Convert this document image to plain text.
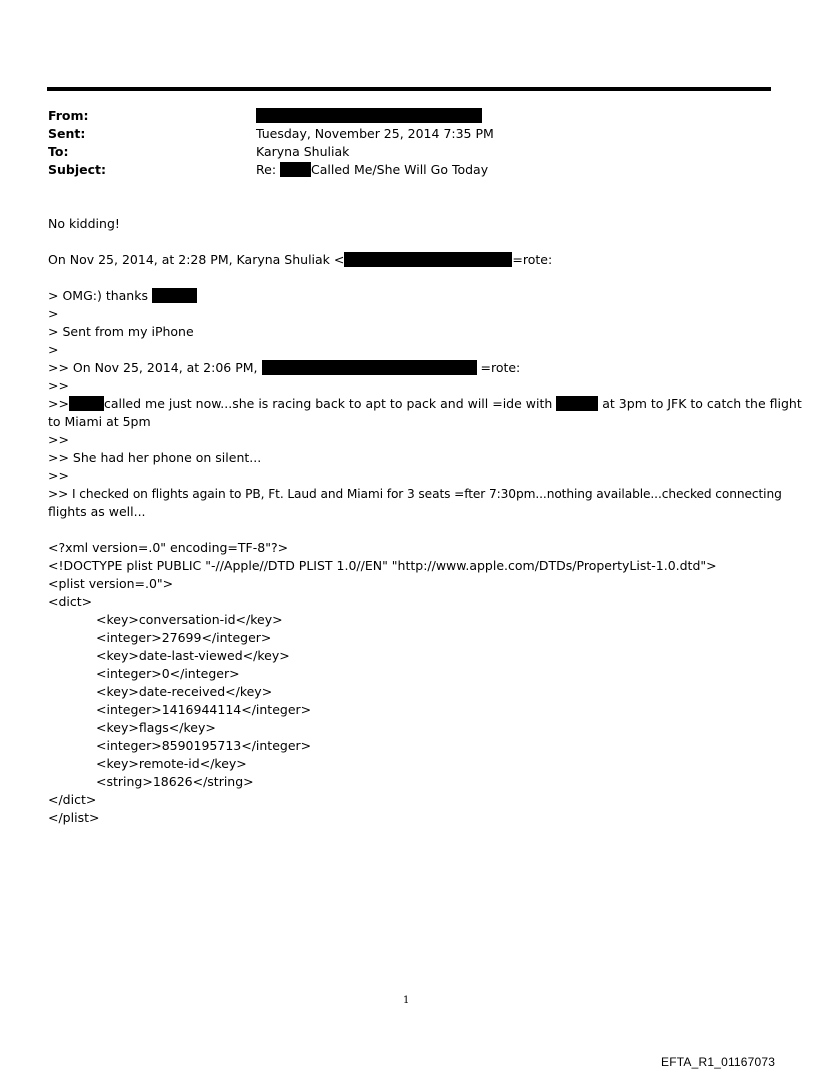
From:
Sent:	Tuesday, November 25, 2014 7:35 PM
To:	Karyna Shuliak
Subject:	Re:	Called Me/She Will Go Today
No kidding!
On Nov 25, 2014, at 2:28 PM, Karyna Shuliak <	=rote:
> OMG:) thanks
>
> Sent from my iPhone
>
>> On Nov 25, 2014, at 2:06 PM,	=rote:
>>
>>	called me just now...she is racing back to apt to pack and will =ide with	at 3pm to JFK to catch the flight
to Miami at 5pm
>>
>> She had her phone on silent...
>>
>> I checked on flights again to PB, Ft. Laud and Miami for 3 seats =fter 7:30pm...nothing available...checked connecting
flights as well...
<?xml version=.0" encoding=TF-8"?>
<!DOCTYPE plist PUBLIC "-//Apple//DTD PLIST 1.0//EN" "http://www.apple.com/DTDs/PropertyList-1.0.dtd">
<plist version=.0">
<dict>
<key>conversation-id</key>
<integer>27699</integer>
<key>date-last-viewed</key>
<integer>0</integer>
<key>date-received</key>
<integer>1416944114</integer>
<key>flags</key>
<integer>8590195713</integer>
<key>remote-id</key>
<string>18626</string>
</dict>
</plist>
1
EFTA_R1_01167073
